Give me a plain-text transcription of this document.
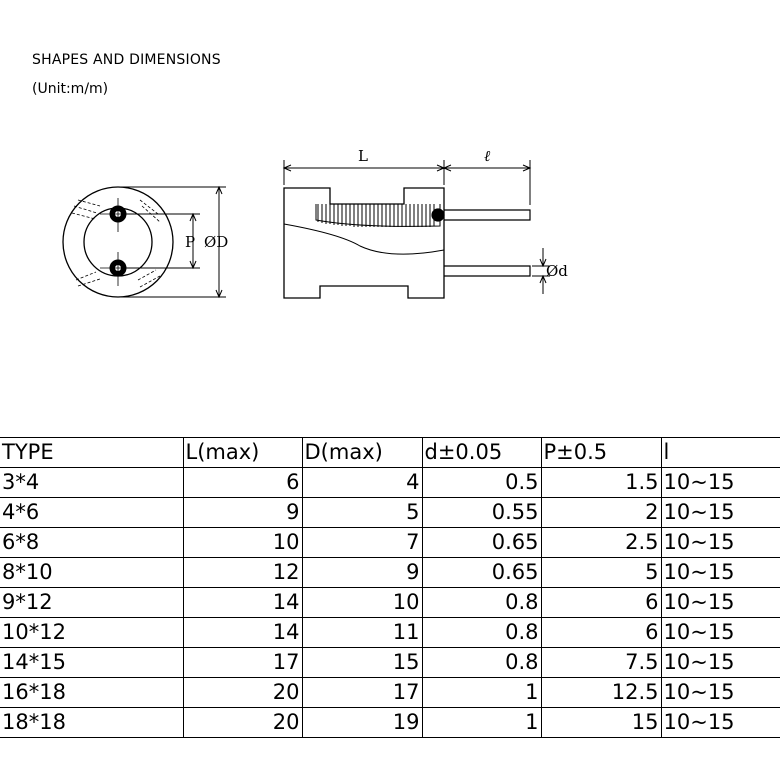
SHAPES AND DIMENSIONS
(Unit:m/m)
P ØD
L	ℓ
Ød
TYPE	L(max)	D(max)	d±0.05	P±0.5	l
3*4	6	4	0.5	1.5	10~15
4*6	9	5	0.55	2	10~15
6*8	10	7	0.65	2.5	10~15
8*10	12	9	0.65	5	10~15
9*12	14	10	0.8	6	10~15
10*12	14	11	0.8	6	10~15
14*15	17	15	0.8	7.5	10~15
16*18	20	17	1	12.5	10~15
18*18	20	19	1	15	10~15
